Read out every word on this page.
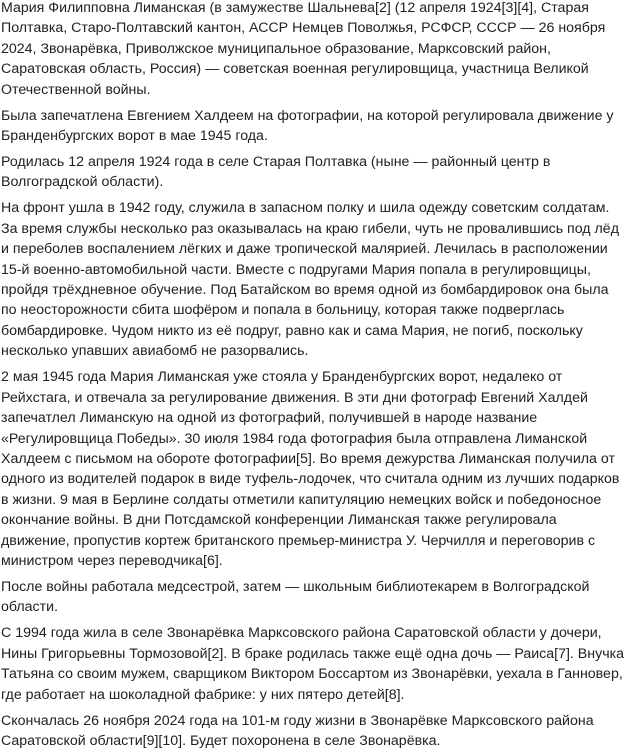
Мария Филипповна Лиманская (в замужестве Шальнева[2] (12 апреля 1924[3][4], Старая Полтавка, Старо-Полтавский кантон, АССР Немцев Поволжья, РСФСР, СССР — 26 ноября 2024, Звонарёвка, Приволжское муниципальное образование, Марксовский район, Саратовская область, Россия) — советская военная регулировщица, участница Великой Отечественной войны.

Была запечатлена Евгением Халдеем на фотографии, на которой регулировала движение у Бранденбургских ворот в мае 1945 года.

Родилась 12 апреля 1924 года в селе Старая Полтавка (ныне — районный центр в Волгоградской области).

На фронт ушла в 1942 году, служила в запасном полку и шила одежду советским солдатам. За время службы несколько раз оказывалась на краю гибели, чуть не провалившись под лёд и переболев воспалением лёгких и даже тропической малярией. Лечилась в расположении 15-й военно-автомобильной части. Вместе с подругами Мария попала в регулировщицы, пройдя трёхдневное обучение. Под Батайском во время одной из бомбардировок она была по неосторожности сбита шофёром и попала в больницу, которая также подверглась бомбардировке. Чудом никто из её подруг, равно как и сама Мария, не погиб, поскольку несколько упавших авиабомб не разорвались.

2 мая 1945 года Мария Лиманская уже стояла у Бранденбургских ворот, недалеко от Рейхстага, и отвечала за регулирование движения. В эти дни фотограф Евгений Халдей запечатлел Лиманскую на одной из фотографий, получившей в народе название «Регулировщица Победы». 30 июля 1984 года фотография была отправлена Лиманской Халдеем с письмом на обороте фотографии[5]. Во время дежурства Лиманская получила от одного из водителей подарок в виде туфель-лодочек, что считала одним из лучших подарков в жизни. 9 мая в Берлине солдаты отметили капитуляцию немецких войск и победоносное окончание войны. В дни Потсдамской конференции Лиманская также регулировала движение, пропустив кортеж британского премьер-министра У. Черчилля и переговорив с министром через переводчика[6].

После войны работала медсестрой, затем — школьным библиотекарем в Волгоградской области.

С 1994 года жила в селе Звонарёвка Марксовского района Саратовской области у дочери, Нины Григорьевны Тормозовой[2]. В браке родилась также ещё одна дочь — Раиса[7]. Внучка Татьяна со своим мужем, сварщиком Виктором Боссартом из Звонарёвки, уехала в Ганновер, где работает на шоколадной фабрике: у них пятеро детей[8].

Скончалась 26 ноября 2024 года на 101-м году жизни в Звонарёвке Марксовского района Саратовской области[9][10]. Будет похоронена в селе Звонарёвка.
